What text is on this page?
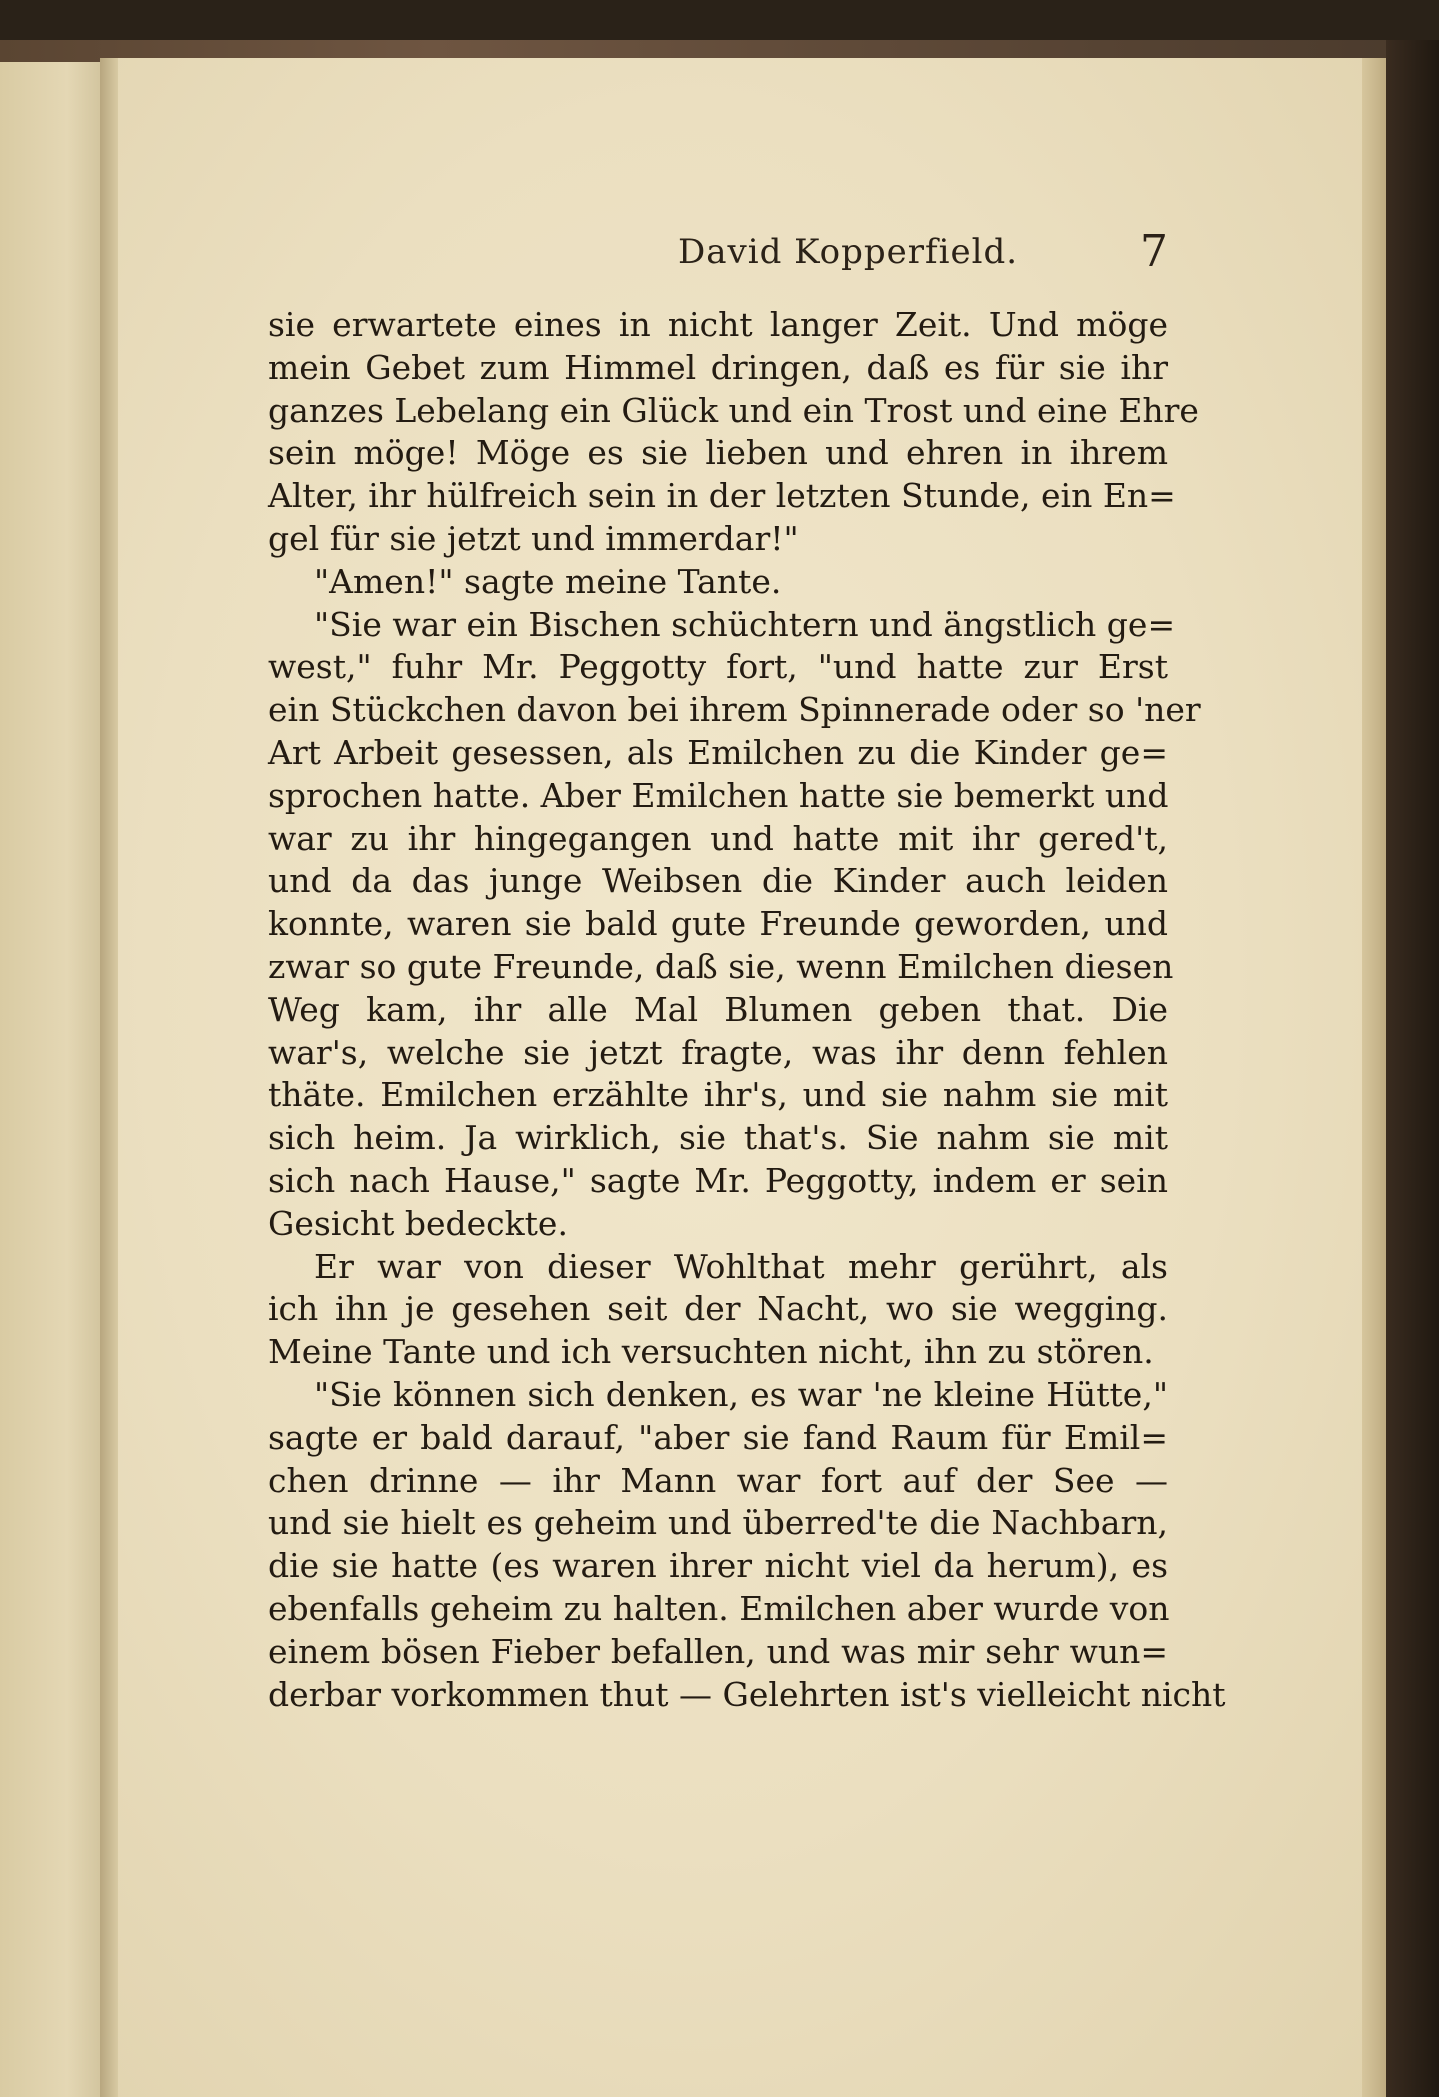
David Kopperfield.	7
sie erwartete eines in nicht langer Zeit. Und möge
mein Gebet zum Himmel dringen, daß es für sie ihr
ganzes Lebelang ein Glück und ein Trost und eine Ehre
sein möge! Möge es sie lieben und ehren in ihrem
Alter, ihr hülfreich sein in der letzten Stunde, ein En=
gel für sie jetzt und immerdar!"
"Amen!" sagte meine Tante.
"Sie war ein Bischen schüchtern und ängstlich ge=
west," fuhr Mr. Peggotty fort, "und hatte zur Erst
ein Stückchen davon bei ihrem Spinnerade oder so 'ner
Art Arbeit gesessen, als Emilchen zu die Kinder ge=
sprochen hatte. Aber Emilchen hatte sie bemerkt und
war zu ihr hingegangen und hatte mit ihr gered't,
und da das junge Weibsen die Kinder auch leiden
konnte, waren sie bald gute Freunde geworden, und
zwar so gute Freunde, daß sie, wenn Emilchen diesen
Weg kam, ihr alle Mal Blumen geben that. Die
war's, welche sie jetzt fragte, was ihr denn fehlen
thäte. Emilchen erzählte ihr's, und sie nahm sie mit
sich heim. Ja wirklich, sie that's. Sie nahm sie mit
sich nach Hause," sagte Mr. Peggotty, indem er sein
Gesicht bedeckte.
Er war von dieser Wohlthat mehr gerührt, als
ich ihn je gesehen seit der Nacht, wo sie wegging.
Meine Tante und ich versuchten nicht, ihn zu stören.
"Sie können sich denken, es war 'ne kleine Hütte,"
sagte er bald darauf, "aber sie fand Raum für Emil=
chen drinne — ihr Mann war fort auf der See —
und sie hielt es geheim und überred'te die Nachbarn,
die sie hatte (es waren ihrer nicht viel da herum), es
ebenfalls geheim zu halten. Emilchen aber wurde von
einem bösen Fieber befallen, und was mir sehr wun=
derbar vorkommen thut — Gelehrten ist's vielleicht nicht
